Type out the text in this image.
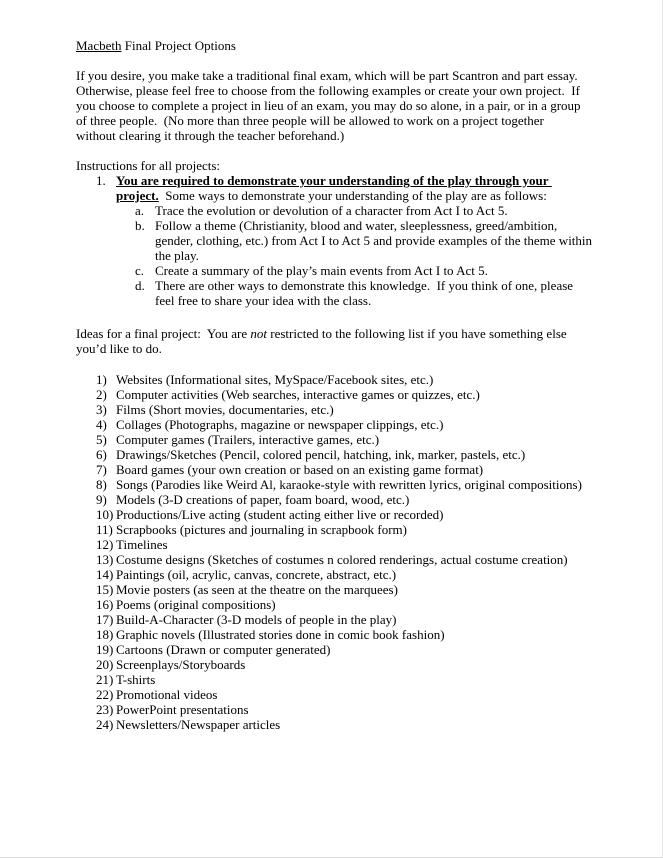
Macbeth Final Project Options

If you desire, you make take a traditional final exam, which will be part Scantron and part essay.  Otherwise, please feel free to choose from the following examples or create your own project.  If you choose to complete a project in lieu of an exam, you may do so alone, in a pair, or in a group of three people.  (No more than three people will be allowed to work on a project together without clearing it through the teacher beforehand.)

Instructions for all projects:

1. You are required to demonstrate your understanding of the play through your project.  Some ways to demonstrate your understanding of the play are as follows:
a. Trace the evolution or devolution of a character from Act I to Act 5.
b. Follow a theme (Christianity, blood and water, sleeplessness, greed/ambition, gender, clothing, etc.) from Act I to Act 5 and provide examples of the theme within the play.
c. Create a summary of the play’s main events from Act I to Act 5.
d. There are other ways to demonstrate this knowledge.  If you think of one, please feel free to share your idea with the class.

Ideas for a final project:  You are not restricted to the following list if you have something else you’d like to do.

1) Websites (Informational sites, MySpace/Facebook sites, etc.)
2) Computer activities (Web searches, interactive games or quizzes, etc.)
3) Films (Short movies, documentaries, etc.)
4) Collages (Photographs, magazine or newspaper clippings, etc.)
5) Computer games (Trailers, interactive games, etc.)
6) Drawings/Sketches (Pencil, colored pencil, hatching, ink, marker, pastels, etc.)
7) Board games (your own creation or based on an existing game format)
8) Songs (Parodies like Weird Al, karaoke-style with rewritten lyrics, original compositions)
9) Models (3-D creations of paper, foam board, wood, etc.)
10) Productions/Live acting (student acting either live or recorded)
11) Scrapbooks (pictures and journaling in scrapbook form)
12) Timelines
13) Costume designs (Sketches of costumes n colored renderings, actual costume creation)
14) Paintings (oil, acrylic, canvas, concrete, abstract, etc.)
15) Movie posters (as seen at the theatre on the marquees)
16) Poems (original compositions)
17) Build-A-Character (3-D models of people in the play)
18) Graphic novels (Illustrated stories done in comic book fashion)
19) Cartoons (Drawn or computer generated)
20) Screenplays/Storyboards
21) T-shirts
22) Promotional videos
23) PowerPoint presentations
24) Newsletters/Newspaper articles
